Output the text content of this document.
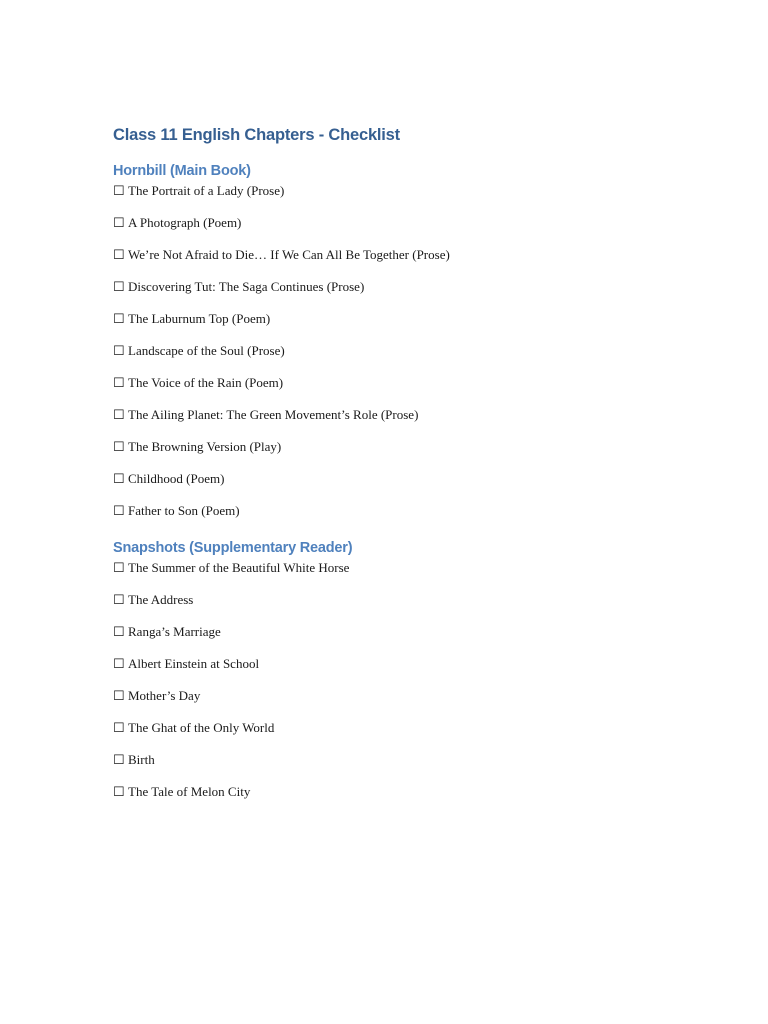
Class 11 English Chapters - Checklist
Hornbill (Main Book)
☐ The Portrait of a Lady (Prose)
☐ A Photograph (Poem)
☐ We’re Not Afraid to Die… If We Can All Be Together (Prose)
☐ Discovering Tut: The Saga Continues (Prose)
☐ The Laburnum Top (Poem)
☐ Landscape of the Soul (Prose)
☐ The Voice of the Rain (Poem)
☐ The Ailing Planet: The Green Movement’s Role (Prose)
☐ The Browning Version (Play)
☐ Childhood (Poem)
☐ Father to Son (Poem)
Snapshots (Supplementary Reader)
☐ The Summer of the Beautiful White Horse
☐ The Address
☐ Ranga’s Marriage
☐ Albert Einstein at School
☐ Mother’s Day
☐ The Ghat of the Only World
☐ Birth
☐ The Tale of Melon City
